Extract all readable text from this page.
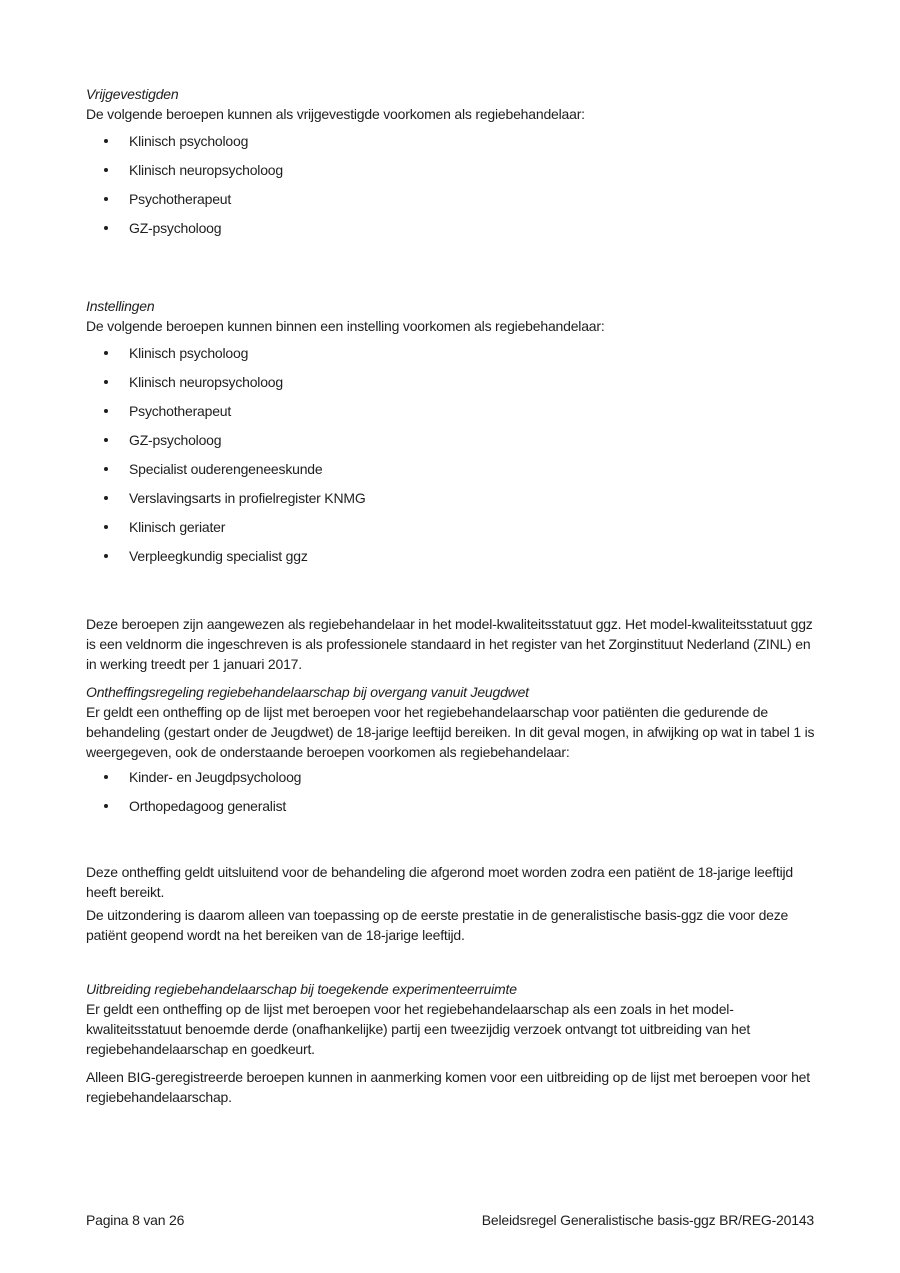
Vrijgevestigden

De volgende beroepen kunnen als vrijgevestigde voorkomen als regiebehandelaar:

Klinisch psycholoog
Klinisch neuropsycholoog
Psychotherapeut
GZ-psycholoog
Instellingen

De volgende beroepen kunnen binnen een instelling voorkomen als regiebehandelaar:

Klinisch psycholoog
Klinisch neuropsycholoog
Psychotherapeut
GZ-psycholoog
Specialist ouderengeneeskunde
Verslavingsarts in profielregister KNMG
Klinisch geriater
Verpleegkundig specialist ggz

Deze beroepen zijn aangewezen als regiebehandelaar in het model-kwaliteitsstatuut ggz. Het model-kwaliteitsstatuut ggz is een veldnorm die ingeschreven is als professionele standaard in het register van het Zorginstituut Nederland (ZINL) en in werking treedt per 1 januari 2017.

Ontheffingsregeling regiebehandelaarschap bij overgang vanuit Jeugdwet

Er geldt een ontheffing op de lijst met beroepen voor het regiebehandelaarschap voor patiënten die gedurende de behandeling (gestart onder de Jeugdwet) de 18-jarige leeftijd bereiken. In dit geval mogen, in afwijking op wat in tabel 1 is weergegeven, ook de onderstaande beroepen voorkomen als regiebehandelaar:

Kinder- en Jeugdpsycholoog
Orthopedagoog generalist

Deze ontheffing geldt uitsluitend voor de behandeling die afgerond moet worden zodra een patiënt de 18-jarige leeftijd heeft bereikt.

De uitzondering is daarom alleen van toepassing op de eerste prestatie in de generalistische basis-ggz die voor deze patiënt geopend wordt na het bereiken van de 18-jarige leeftijd.

Uitbreiding regiebehandelaarschap bij toegekende experimenteerruimte

Er geldt een ontheffing op de lijst met beroepen voor het regiebehandelaarschap als een zoals in het model-kwaliteitsstatuut benoemde derde (onafhankelijke) partij een tweezijdig verzoek ontvangt tot uitbreiding van het regiebehandelaarschap en goedkeurt.

Alleen BIG-geregistreerde beroepen kunnen in aanmerking komen voor een uitbreiding op de lijst met beroepen voor het regiebehandelaarschap.

Pagina 8 van 26	Beleidsregel Generalistische basis-ggz BR/REG-20143
